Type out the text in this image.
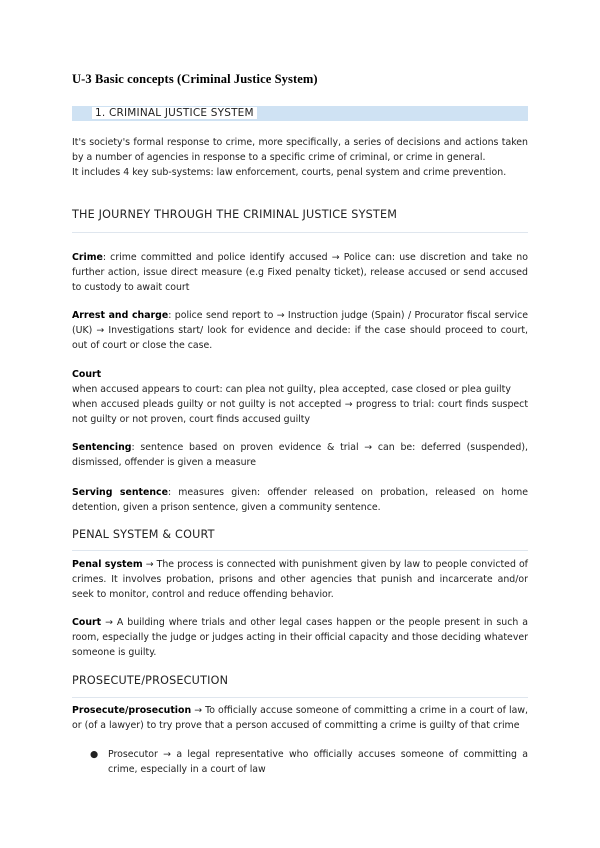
U-3 Basic concepts (Criminal Justice System)
1. CRIMINAL JUSTICE SYSTEM
It's society's formal response to crime, more specifically, a series of decisions and actions taken by a number of agencies in response to a specific crime of criminal, or crime in general.
It includes 4 key sub-systems: law enforcement, courts, penal system and crime prevention.
THE JOURNEY THROUGH THE CRIMINAL JUSTICE SYSTEM
Crime: crime committed and police identify accused → Police can: use discretion and take no further action, issue direct measure (e.g Fixed penalty ticket), release accused or send accused to custody to await court
Arrest and charge: police send report to → Instruction judge (Spain) / Procurator fiscal service (UK) → Investigations start/ look for evidence and decide: if the case should proceed to court, out of court or close the case.
Court
when accused appears to court: can plea not guilty, plea accepted, case closed or plea guilty
when accused pleads guilty or not guilty is not accepted → progress to trial: court finds suspect not guilty or not proven, court finds accused guilty
Sentencing: sentence based on proven evidence & trial → can be: deferred (suspended), dismissed, offender is given a measure
Serving sentence: measures given: offender released on probation, released on home detention, given a prison sentence, given a community sentence.
PENAL SYSTEM & COURT
Penal system → The process is connected with punishment given by law to people convicted of crimes. It involves probation, prisons and other agencies that punish and incarcerate and/or seek to monitor, control and reduce offending behavior.
Court → A building where trials and other legal cases happen or the people present in such a room, especially the judge or judges acting in their official capacity and those deciding whatever someone is guilty.
PROSECUTE/PROSECUTION
Prosecute/prosecution → To officially accuse someone of committing a crime in a court of law, or (of a lawyer) to try prove that a person accused of committing a crime is guilty of that crime
●	Prosecutor → a legal representative who officially accuses someone of committing a crime, especially in a court of law
